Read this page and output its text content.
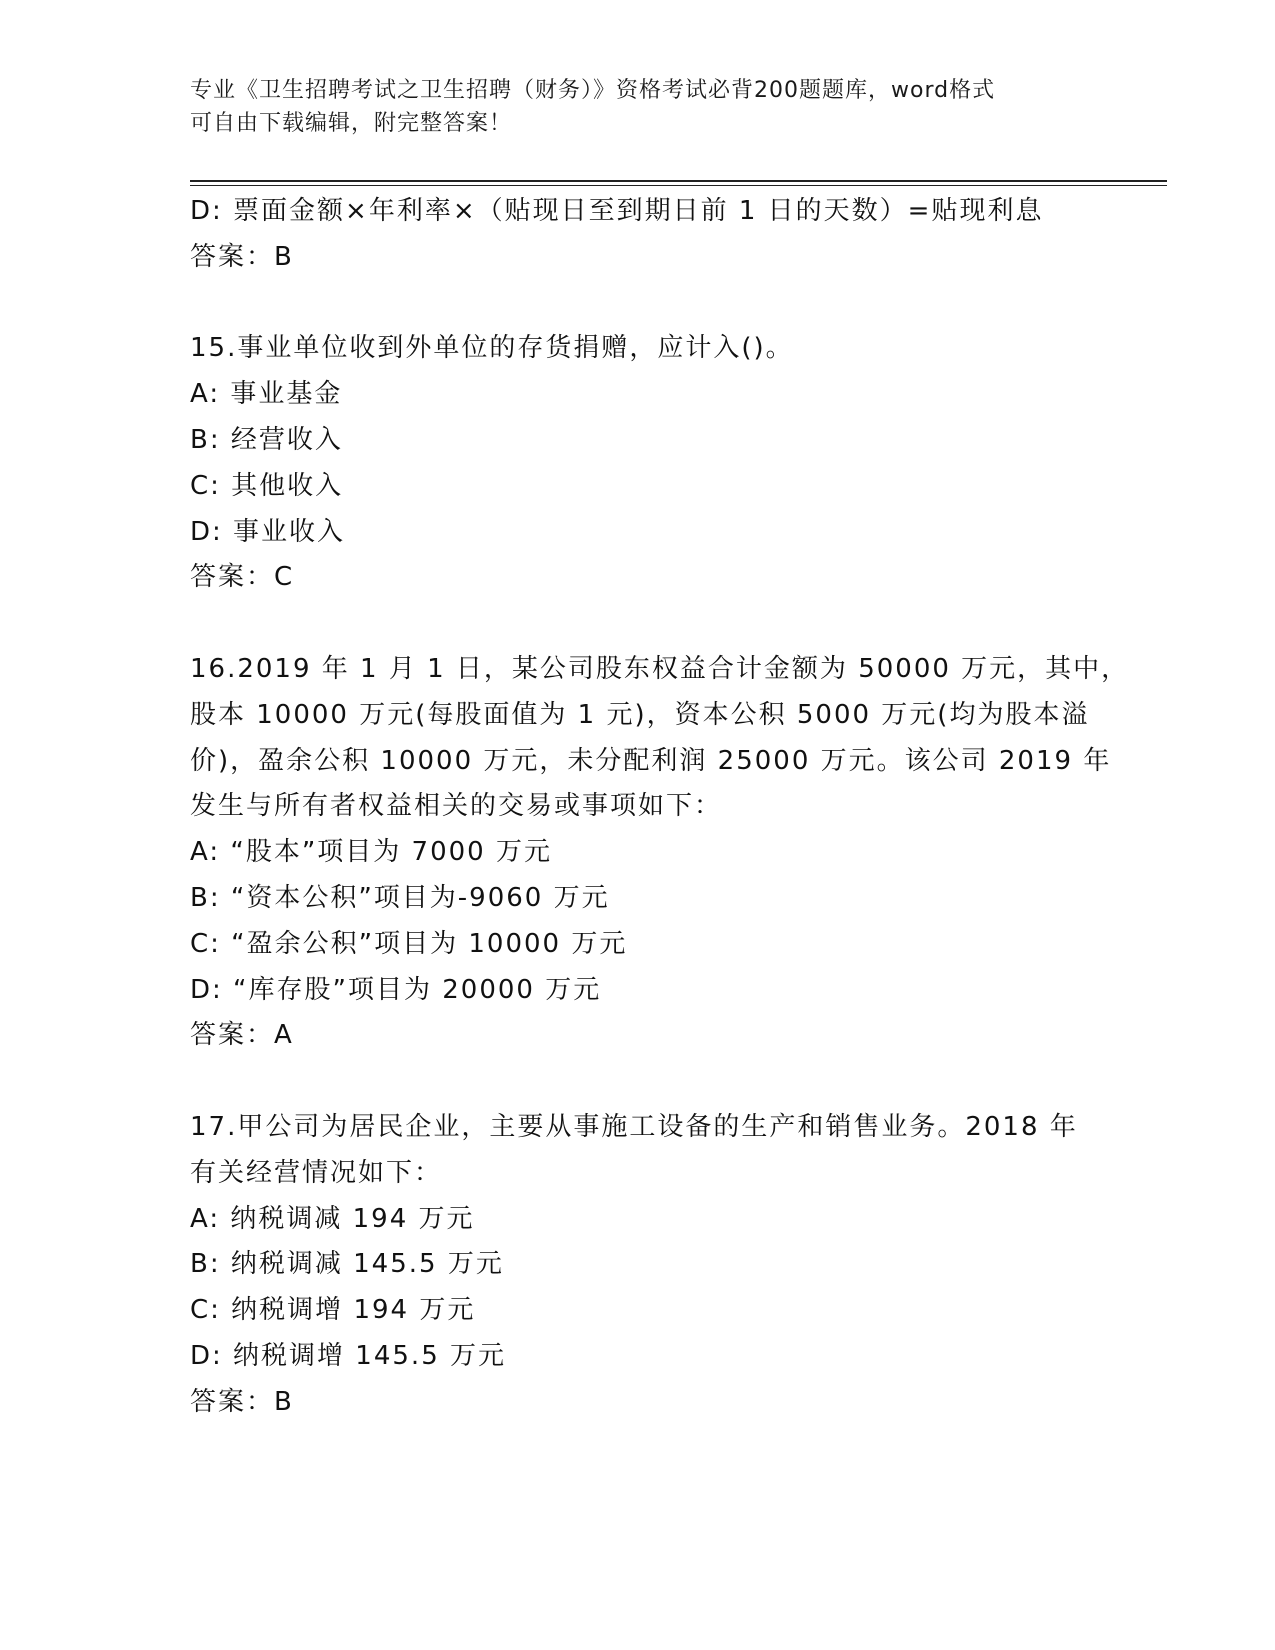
专业《卫生招聘考试之卫生招聘（财务）》资格考试必背200题题库，word格式
可自由下载编辑，附完整答案！
D: 票面金额×年利率×（贴现日至到期日前 1 日的天数）=贴现利息
答案：B
15.事业单位收到外单位的存货捐赠，应计入()。
A: 事业基金
B: 经营收入
C: 其他收入
D: 事业收入
答案：C
16.2019 年 1 月 1 日，某公司股东权益合计金额为 50000 万元，其中，
股本 10000 万元(每股面值为 1 元)，资本公积 5000 万元(均为股本溢
价)，盈余公积 10000 万元，未分配利润 25000 万元。该公司 2019 年
发生与所有者权益相关的交易或事项如下：
A: “股本”项目为 7000 万元
B: “资本公积”项目为-9060 万元
C: “盈余公积”项目为 10000 万元
D: “库存股”项目为 20000 万元
答案：A
17.甲公司为居民企业，主要从事施工设备的生产和销售业务。2018 年
有关经营情况如下：
A: 纳税调减 194 万元
B: 纳税调减 145.5 万元
C: 纳税调增 194 万元
D: 纳税调增 145.5 万元
答案：B
